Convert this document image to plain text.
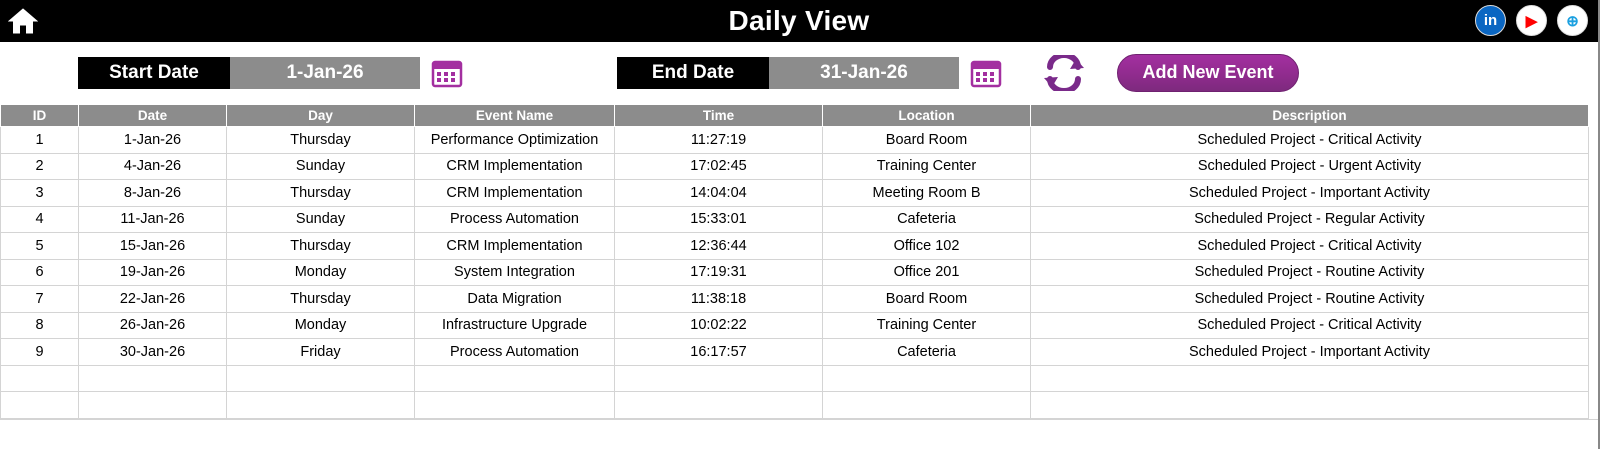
Daily View	in ▶ ⊕
Start Date	1-Jan-26	End Date	31-Jan-26	Add New Event
ID	Date	Day	Event Name	Time	Location	Description
1	1-Jan-26	Thursday	Performance Optimization	11:27:19	Board Room	Scheduled Project - Critical Activity
2	4-Jan-26	Sunday	CRM Implementation	17:02:45	Training Center	Scheduled Project - Urgent Activity
3	8-Jan-26	Thursday	CRM Implementation	14:04:04	Meeting Room B	Scheduled Project - Important Activity
4	11-Jan-26	Sunday	Process Automation	15:33:01	Cafeteria	Scheduled Project - Regular Activity
5	15-Jan-26	Thursday	CRM Implementation	12:36:44	Office 102	Scheduled Project - Critical Activity
6	19-Jan-26	Monday	System Integration	17:19:31	Office 201	Scheduled Project - Routine Activity
7	22-Jan-26	Thursday	Data Migration	11:38:18	Board Room	Scheduled Project - Routine Activity
8	26-Jan-26	Monday	Infrastructure Upgrade	10:02:22	Training Center	Scheduled Project - Critical Activity
9	30-Jan-26	Friday	Process Automation	16:17:57	Cafeteria	Scheduled Project - Important Activity
